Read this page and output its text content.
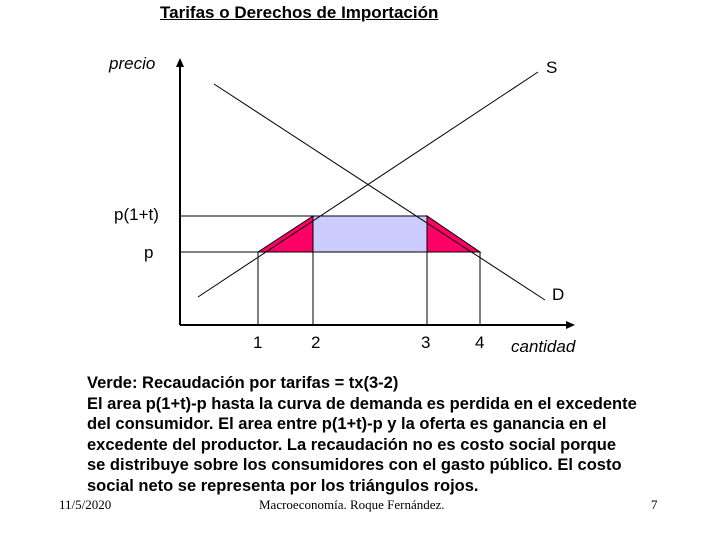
Tarifas o Derechos de Importación
precio	S
p(1+t)
p
D
1	2	3	4 cantidad
Verde: Recaudación por tarifas = tx(3-2)
El area p(1+t)-p hasta la curva de demanda es perdida en el excedente
del consumidor. El area entre p(1+t)-p y la oferta es ganancia en el
excedente del productor. La recaudación no es costo social porque
se distribuye sobre los consumidores con el gasto público. El costo
social neto se representa por los triángulos rojos.
11/5/2020	Macroeconomía. Roque Fernández.	7
